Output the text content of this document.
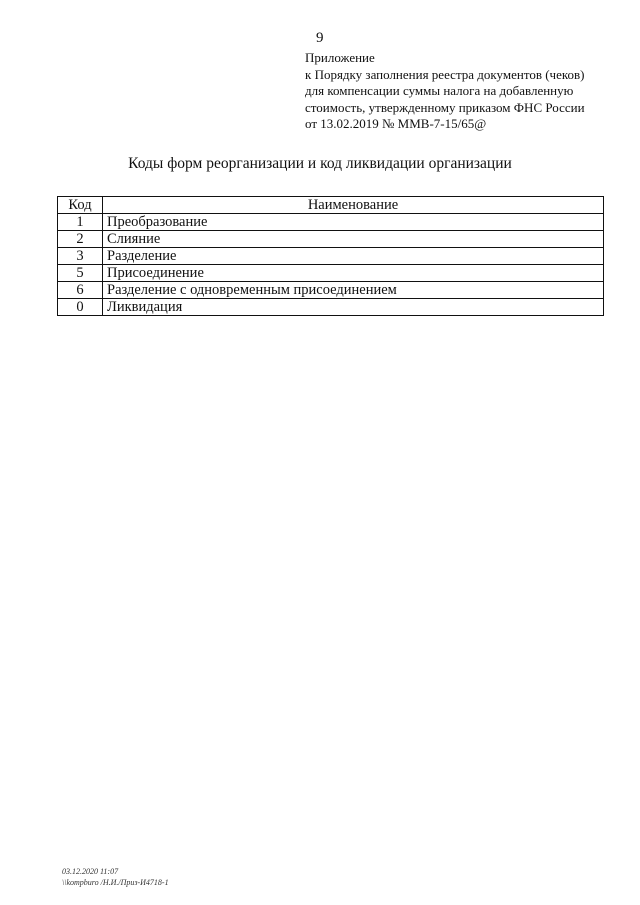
9
Приложение
к Порядку заполнения реестра документов (чеков)
для компенсации суммы налога на добавленную
стоимость, утвержденному приказом ФНС России
от 13.02.2019 № ММВ-7-15/65@
Коды форм реорганизации и код ликвидации организации
Код	Наименование
1	Преобразование
2	Слияние
3	Разделение
5	Присоединение
6	Разделение с одновременным присоединением
0	Ликвидация
03.12.2020 11:07
\\kompburo /Н.И./Приз-И4718-1
